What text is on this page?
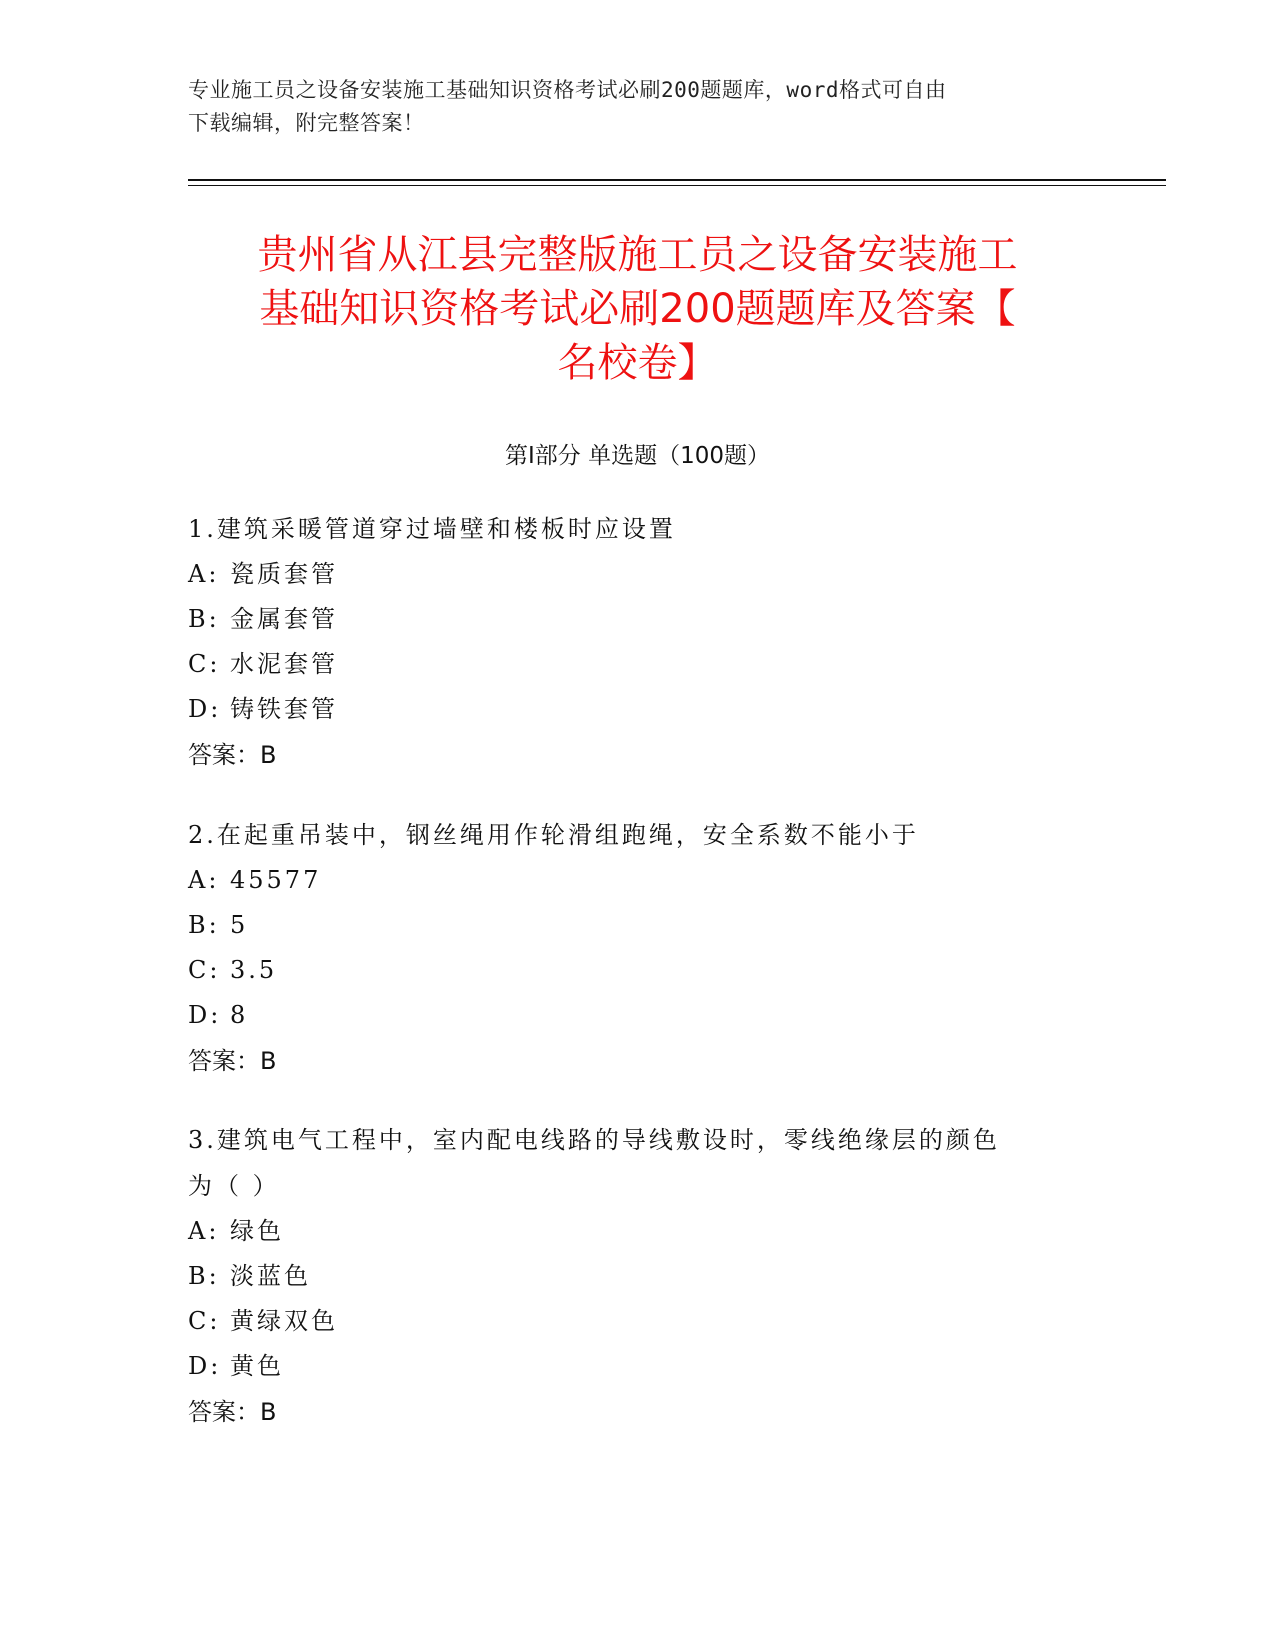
专业施工员之设备安装施工基础知识资格考试必刷200题题库，word格式可自由
下载编辑，附完整答案！
贵州省从江县完整版施工员之设备安装施工
基础知识资格考试必刷200题题库及答案【
名校卷】
第Ⅰ部分 单选题（100题）
1.建筑采暖管道穿过墙壁和楼板时应设置
A: 瓷质套管
B: 金属套管
C: 水泥套管
D: 铸铁套管
答案：B
2.在起重吊装中，钢丝绳用作轮滑组跑绳，安全系数不能小于
A: 45577
B: 5
C: 3.5
D: 8
答案：B
3.建筑电气工程中，室内配电线路的导线敷设时，零线绝缘层的颜色
为（ ）
A: 绿色
B: 淡蓝色
C: 黄绿双色
D: 黄色
答案：B
